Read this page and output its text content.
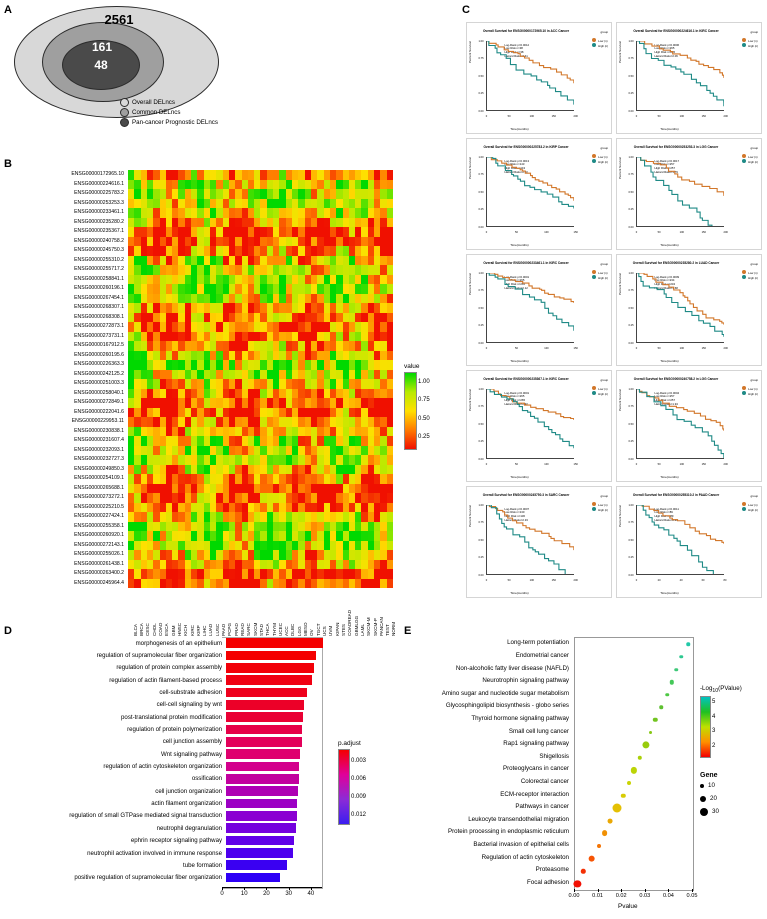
A
2561
161
48
Overall DELncs
Common DELncs
Pan-cancer Prognostic DELncs
B
ENSG00000172965.10
ENSG00000224616.1
ENSG00000225783.2
ENSG00000253253.3
ENSG00000233461.1
ENSG00000235280.2
ENSG00000235367.1
ENSG00000240758.2
ENSG00000245750.3
ENSG00000255310.2
ENSG00000255717.2
ENSG00000258841.1
ENSG00000260196.1
ENSG00000267454.1
ENSG00000268307.1
ENSG00000268308.1
ENSG00000272873.1
ENSG00000273731.1
ENSG00000167912.5
ENSG00000260195.6
ENSG00000226363.3
ENSG00000242125.2
ENSG00000251003.3
ENSG00000258040.1
ENSG00000272849.1
ENSG00000222041.6
ENSG00000229953.11
ENSG00000230838.1
ENSG00000231607.4
ENSG00000232093.1
ENSG00000232727.3
ENSG00000249850.3
ENSG00000254109.1
ENSG00000265688.1
ENSG00000273272.1
ENSG00000225210.5
ENSG00000227424.1
ENSG00000255358.1
ENSG00000260920.1
ENSG00000272143.1
ENSG00000255026.1
ENSG00000261438.1
ENSG00000263400.2
ENSG00000245964.4
BLCA BRCA CESC CHOL COAD ESCA GBM HNSC KICH KIRC KIRP LIHC LUAD LUSC PAAD PCPG PRAD READ SARC SKCM STAD THCA THYM UCEC ACC DLBC LGG MESO OV TGCT UCS UVM KIPAN STES COADREAD GBMLGG LAML SKCM-M SKCM-P PANCAN TEST NORM
value
1.00
0.75
0.50
0.25
C
Overall Survival for ENSG00000172965.10 in ACC Cancer
Log-Rank p=0.0012
Low Risk n=38
High Risk n=38
Hazard Ratio=3.41
Percent Survival
Time(months)
0	50	100	150	200
1.00
0.75
0.50
0.25
0.00
group
Low (n)
High (n)
Overall Survival for ENSG00000224616.1 in KIRC Cancer
Log-Rank p=0.0006
Low Risk n=265
High Risk n=265
Hazard Ratio=2.06
Percent Survival
Time(months)
0	50	100	150	200
1.00
0.75
0.50
0.25
0.00
group
Low (n)
High (n)
Overall Survival for ENSG00000225783.2 in KIRP Cancer
Log-Rank p=0.0013
Low Risk n=143
High Risk n=143
Hazard Ratio=2.50
Percent Survival
Time(months)
0	50	100	150
1.00
0.75
0.50
0.25
0.00
group
Low (n)
High (n)
Overall Survival for ENSG00000253253.3 in LGG Cancer
Log-Rank p=0.0017
Low Risk n=257
High Risk n=257
Hazard Ratio=1.79
Percent Survival
Time(months)
0	50	100	150	200
1.00
0.75
0.50
0.25
0.00
group
Low (n)
High (n)
Overall Survival for ENSG00000233461.1 in KIRC Cancer
Log-Rank p=0.0001
Low Risk n=265
High Risk n=265
Hazard Ratio=2.12
Percent Survival
Time(months)
0	50	100	150
1.00
0.75
0.50
0.25
0.00
group
Low (n)
High (n)
Overall Survival for ENSG00000235280.2 in LUAD Cancer
Log-Rank p=0.0009
Low Risk n=234
High Risk n=234
Hazard Ratio=1.68
Percent Survival
Time(months)
0	50	100	150	200
1.00
0.75
0.50
0.25
0.00
group
Low (n)
High (n)
Overall Survival for ENSG00000235367.1 in KIRC Cancer
Log-Rank p=0.0001
Low Risk n=265
High Risk n=265
Hazard Ratio=2.40
Percent Survival
Time(months)
0	50	100	150
1.00
0.75
0.50
0.25
0.00
group
Low (n)
High (n)
Overall Survival for ENSG00000240758.2 in LGG Cancer
Log-Rank p=0.0004
Low Risk n=257
High Risk n=257
Hazard Ratio=1.94
Percent Survival
Time(months)
0	50	100	150	200
1.00
0.75
0.50
0.25
0.00
group
Low (n)
High (n)
Overall Survival for ENSG00000245750.3 in SARC Cancer
Log-Rank p=0.0007
Low Risk n=130
High Risk n=130
Hazard Ratio=2.33
Percent Survival
Time(months)
0	50	100	150	200
1.00
0.75
0.50
0.25
0.00
group
Low (n)
High (n)
Overall Survival for ENSG00000255310.2 in PAAD Cancer
Log-Rank p=0.0011
Low Risk n=89
High Risk n=89
Hazard Ratio=2.26
Percent Survival
Time(months)
0	20	40	60	80
1.00
0.75
0.50
0.25
0.00
group
Low (n)
High (n)
D
morphogenesis of an epithelium
regulation of supramolecular fiber organization
regulation of protein complex assembly
regulation of actin filament-based process
cell-substrate adhesion
cell-cell signaling by wnt
post-translational protein modification
regulation of protein polymerization
cell junction assembly
Wnt signaling pathway
regulation of actin cytoskeleton organization
ossification
cell junction organization
actin filament organization
regulation of small GTPase mediated signal transduction
neutrophil degranulation
ephrin receptor signaling pathway
neutrophil activation involved in immune response
tube formation
positive regulation of supramolecular fiber organization
0	10	20	30	40
p.adjust
0.003
0.006
0.009
0.012
E
Long-term potentiation
Endometrial cancer
Non-alcoholic fatty liver disease (NAFLD)
Neurotrophin signaling pathway
Amino sugar and nucleotide sugar metabolism
Glycosphingolipid biosynthesis - globo series
Thyroid hormone signaling pathway
Small cell lung cancer
Rap1 signaling pathway
Shigellosis
Proteoglycans in cancer
Colorectal cancer
ECM-receptor interaction
Pathways in cancer
Leukocyte transendothelial migration
Protein processing in endoplasmic reticulum
Bacterial invasion of epithelial cells
Regulation of actin cytoskeleton
Proteasome
Focal adhesion
Pvalue
0.00 0.01 0.02 0.03 0.04 0.05
-Log$_{10}$(PValue)
5
4
3
2
Gene
10
20
30
